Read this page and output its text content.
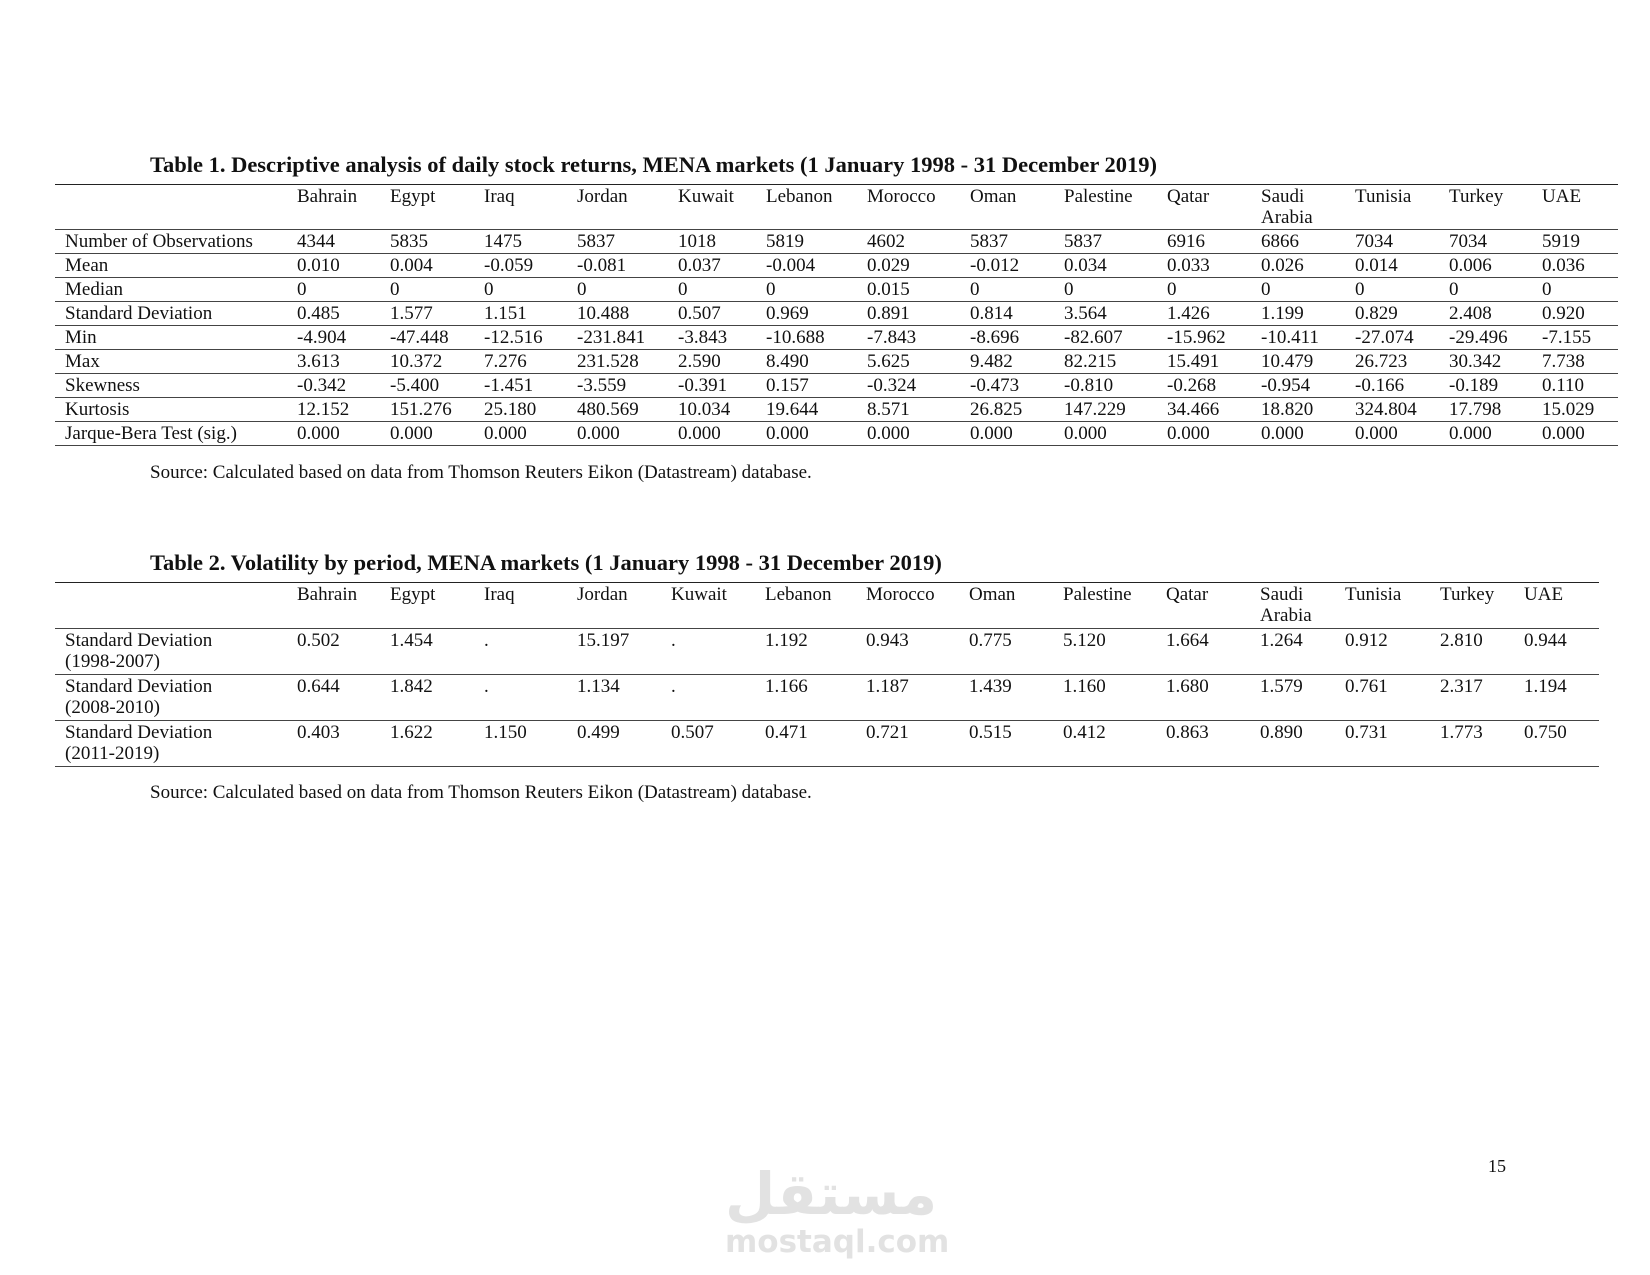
Table 1. Descriptive analysis of daily stock returns, MENA markets (1 January 1998 - 31 December 2019)
	Bahrain	Egypt	Iraq	Jordan	Kuwait	Lebanon	Morocco	Oman	Palestine	Qatar	Saudi
Arabia	Tunisia	Turkey	UAE
Number of Observations	4344	5835	1475	5837	1018	5819	4602	5837	5837	6916	6866	7034	7034	5919
Mean	0.010	0.004	-0.059	-0.081	0.037	-0.004	0.029	-0.012	0.034	0.033	0.026	0.014	0.006	0.036
Median	0	0	0	0	0	0	0.015	0	0	0	0	0	0	0
Standard Deviation	0.485	1.577	1.151	10.488	0.507	0.969	0.891	0.814	3.564	1.426	1.199	0.829	2.408	0.920
Min	-4.904	-47.448	-12.516	-231.841	-3.843	-10.688	-7.843	-8.696	-82.607	-15.962	-10.411	-27.074	-29.496	-7.155
Max	3.613	10.372	7.276	231.528	2.590	8.490	5.625	9.482	82.215	15.491	10.479	26.723	30.342	7.738
Skewness	-0.342	-5.400	-1.451	-3.559	-0.391	0.157	-0.324	-0.473	-0.810	-0.268	-0.954	-0.166	-0.189	0.110
Kurtosis	12.152	151.276	25.180	480.569	10.034	19.644	8.571	26.825	147.229	34.466	18.820	324.804	17.798	15.029
Jarque-Bera Test (sig.)	0.000	0.000	0.000	0.000	0.000	0.000	0.000	0.000	0.000	0.000	0.000	0.000	0.000	0.000
Source: Calculated based on data from Thomson Reuters Eikon (Datastream) database.
Table 2. Volatility by period, MENA markets (1 January 1998 - 31 December 2019)
	Bahrain	Egypt	Iraq	Jordan	Kuwait	Lebanon	Morocco	Oman	Palestine	Qatar	Saudi
Arabia	Tunisia	Turkey	UAE
Standard Deviation
(1998-2007)	0.502	1.454	.	15.197	.	1.192	0.943	0.775	5.120	1.664	1.264	0.912	2.810	0.944
Standard Deviation
(2008-2010)	0.644	1.842	.	1.134	.	1.166	1.187	1.439	1.160	1.680	1.579	0.761	2.317	1.194
Standard Deviation
(2011-2019)	0.403	1.622	1.150	0.499	0.507	0.471	0.721	0.515	0.412	0.863	0.890	0.731	1.773	0.750
Source: Calculated based on data from Thomson Reuters Eikon (Datastream) database.
15
مستقل
mostaql.com
